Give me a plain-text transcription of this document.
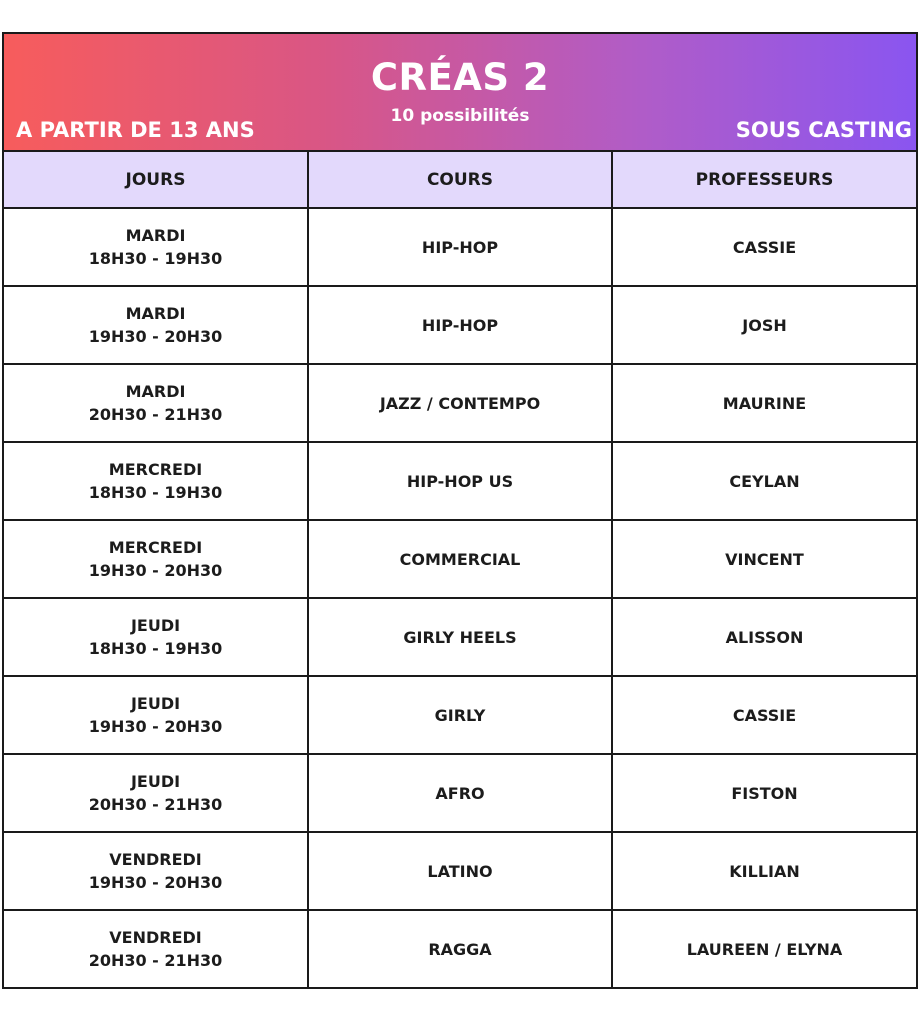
CRÉAS 2
10 possibilités
A PARTIR DE 13 ANS	SOUS CASTING
JOURS	COURS	PROFESSEURS

MARDI
18H30 - 19H30	HIP-HOP	CASSIE

MARDI
19H30 - 20H30	HIP-HOP	JOSH

MARDI
20H30 - 21H30	JAZZ / CONTEMPO	MAURINE

MERCREDI
18H30 - 19H30	HIP-HOP US	CEYLAN

MERCREDI
19H30 - 20H30	COMMERCIAL	VINCENT

JEUDI
18H30 - 19H30	GIRLY HEELS	ALISSON

JEUDI
19H30 - 20H30	GIRLY	CASSIE

JEUDI
20H30 - 21H30	AFRO	FISTON

VENDREDI
19H30 - 20H30	LATINO	KILLIAN

VENDREDI
20H30 - 21H30	RAGGA	LAUREEN / ELYNA
